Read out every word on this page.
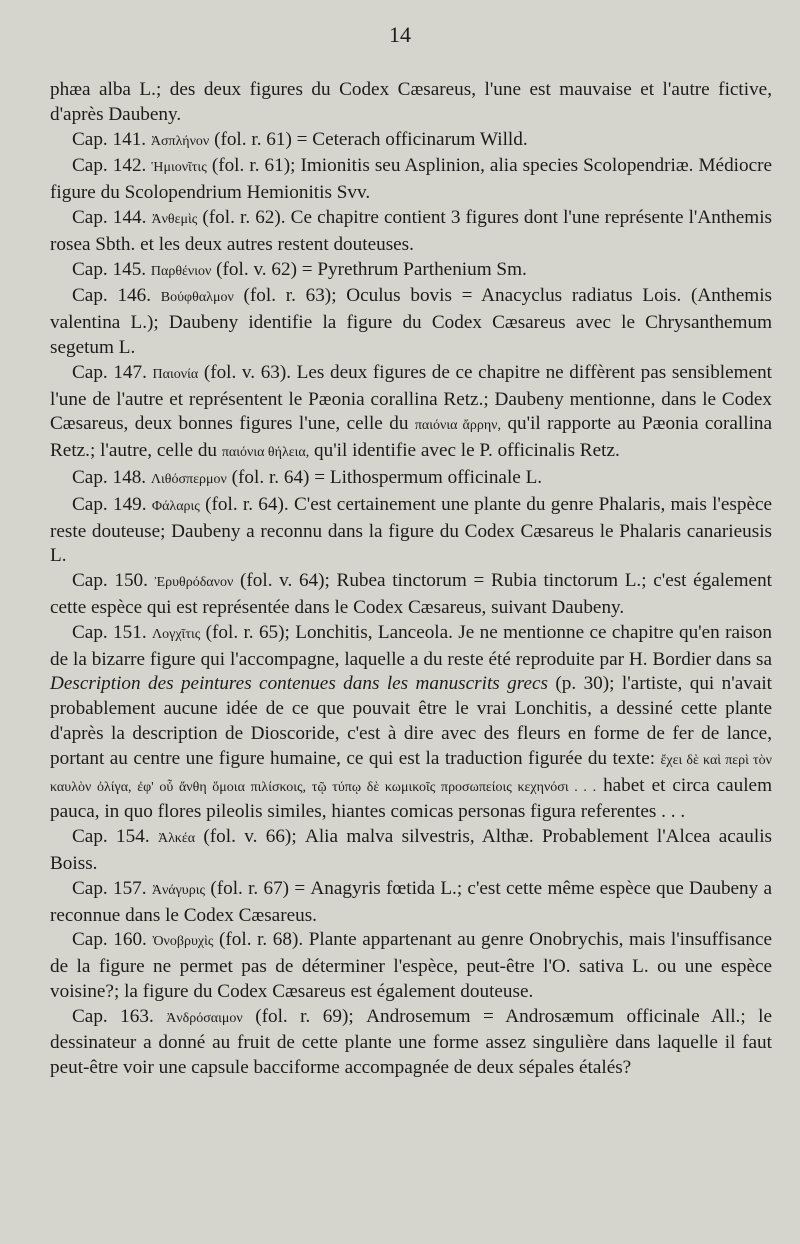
14

phæa alba L.; des deux figures du Codex Cæsareus, l'une est mauvaise et l'autre fictive, d'après Daubeny.

Cap. 141. Ἀσπλήνον (fol. r. 61) = Ceterach officinarum Willd.

Cap. 142. Ἡμιονῖτις (fol. r. 61); Imionitis seu Asplinion, alia species Scolopendriæ. Médiocre figure du Scolopendrium Hemionitis Svv.

Cap. 144. Ἀνθεμὶς (fol. r. 62). Ce chapitre contient 3 figures dont l'une représente l'Anthemis rosea Sbth. et les deux autres restent douteuses.

Cap. 145. Παρθένιον (fol. v. 62) = Pyrethrum Parthenium Sm.

Cap. 146. Βούφθαλμον (fol. r. 63); Oculus bovis = Anacyclus radiatus Lois. (Anthemis valentina L.); Daubeny identifie la figure du Codex Cæsareus avec le Chrysanthemum segetum L.

Cap. 147. Παιονία (fol. v. 63). Les deux figures de ce chapitre ne diffèrent pas sensiblement l'une de l'autre et représentent le Pæonia corallina Retz.; Daubeny mentionne, dans le Codex Cæsareus, deux bonnes figures l'une, celle du παιόνια ἄρρην, qu'il rapporte au Pæonia corallina Retz.; l'autre, celle du παιόνια θήλεια, qu'il identifie avec le P. officinalis Retz.

Cap. 148. Λιθόσπερμον (fol. r. 64) = Lithospermum officinale L.

Cap. 149. Φάλαρις (fol. r. 64). C'est certainement une plante du genre Phalaris, mais l'espèce reste douteuse; Daubeny a reconnu dans la figure du Codex Cæsareus le Phalaris canarieusis L.

Cap. 150. Ἐρυθρόδανον (fol. v. 64); Rubea tinctorum = Rubia tinctorum L.; c'est également cette espèce qui est représentée dans le Codex Cæsareus, suivant Daubeny.

Cap. 151. Λογχῖτις (fol. r. 65); Lonchitis, Lanceola. Je ne mentionne ce chapitre qu'en raison de la bizarre figure qui l'accompagne, laquelle a du reste été reproduite par H. Bordier dans sa Description des peintures contenues dans les manuscrits grecs (p. 30); l'artiste, qui n'avait probablement aucune idée de ce que pouvait être le vrai Lonchitis, a dessiné cette plante d'après la description de Dioscoride, c'est à dire avec des fleurs en forme de fer de lance, portant au centre une figure humaine, ce qui est la traduction figurée du texte: ἔχει δὲ καὶ περὶ τὸν καυλὸν ὀλίγα, ἐφ' οὗ ἄνθη ὅμοια πιλίσκοις, τῷ τύπῳ δὲ κωμικοῖς προσωπείοις κεχηνόσι . . . habet et circa caulem pauca, in quo flores pileolis similes, hiantes comicas personas figura referentes . . .

Cap. 154. Ἀλκέα (fol. v. 66); Alia malva silvestris, Althæ. Probablement l'Alcea acaulis Boiss.

Cap. 157. Ἀνάγυρις (fol. r. 67) = Anagyris fœtida L.; c'est cette même espèce que Daubeny a reconnue dans le Codex Cæsareus.

Cap. 160. Ὀνοβρυχὶς (fol. r. 68). Plante appartenant au genre Onobrychis, mais l'insuffisance de la figure ne permet pas de déterminer l'espèce, peut-être l'O. sativa L. ou une espèce voisine?; la figure du Codex Cæsareus est également douteuse.

Cap. 163. Ἀνδρόσαιμον (fol. r. 69); Androsemum = Androsæmum officinale All.; le dessinateur a donné au fruit de cette plante une forme assez singulière dans laquelle il faut peut-être voir une capsule bacciforme accompagnée de deux sépales étalés?
